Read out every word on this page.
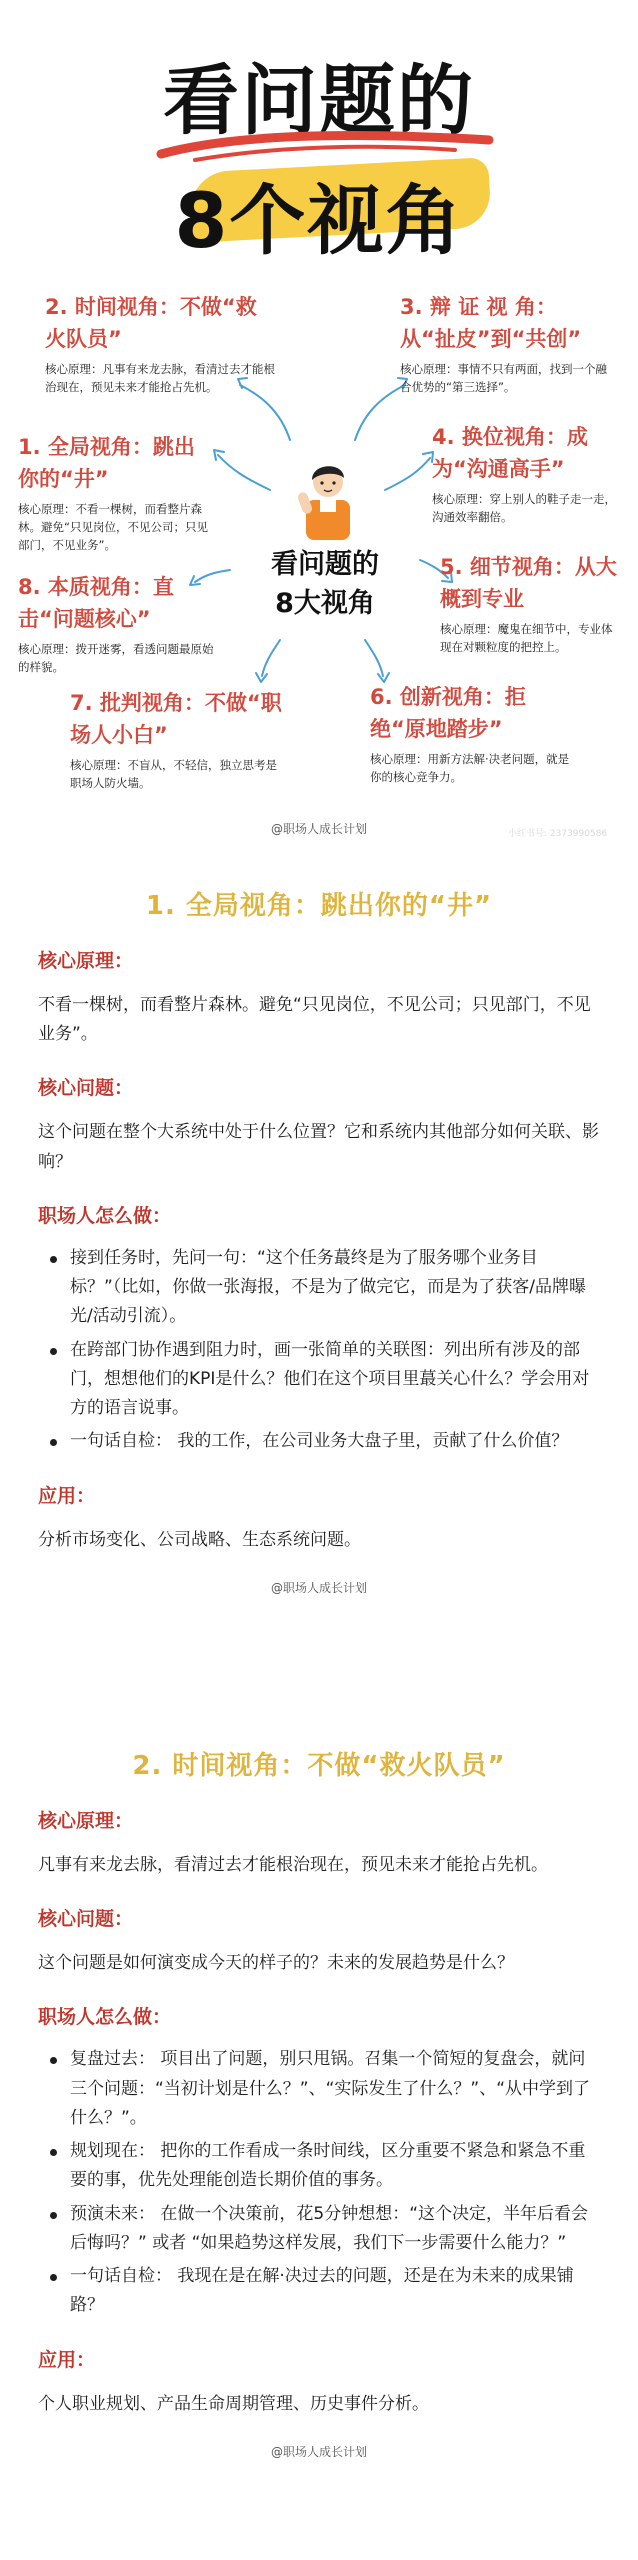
看问题的
8个视角
看问题的
8大视角
2. 时间视角：不做“救火队员”
核心原理：凡事有来龙去脉，看清过去才能根治现在，预见未来才能抢占先机。
3. 辩 证 视 角： 从“扯皮”到“共创”
核心原理：事情不只有两面，找到一个融合优势的“第三选择”。
1. 全局视角：跳出你的“井”
核心原理：不看一棵树，而看整片森林。避免“只见岗位，不见公司；只见部门，不见业务”。
4. 换位视角：成为“沟通高手”
核心原理：穿上别人的鞋子走一走，沟通效率翻倍。
8. 本质视角：直击“问题核心”
核心原理：拨开迷雾，看透问题最原始的样貌。
5. 细节视角：从大概到专业
核心原理：魔鬼在细节中，专业体现在对颗粒度的把控上。
7. 批判视角：不做“职场人小白”
核心原理：不盲从，不轻信，独立思考是职场人防火墙。
6. 创新视角：拒绝“原地踏步”
核心原理：用新方法解·决老问题，就是你的核心竞争力。
@职场人成长计划	小红书号: 2373990586
1. 全局视角：跳出你的“井”
核心原理：
不看一棵树，而看整片森林。避免“只见岗位，不见公司；只见部门，不见业务”。
核心问题：
这个问题在整个大系统中处于什么位置？它和系统内其他部分如何关联、影响？
职场人怎么做：
接到任务时，先问一句：“这个任务蕞终是为了服务哪个业务目标？”（比如，你做一张海报，不是为了做完它，而是为了获客/品牌曝光/活动引流）。
在跨部门协作遇到阻力时，画一张简单的关联图：列出所有涉及的部门，想想他们的KPI是什么？他们在这个项目里蕞关心什么？学会用对方的语言说事。
一句话自检： 我的工作，在公司业务大盘子里，贡献了什么价值？
应用：
分析市场变化、公司战略、生态系统问题。
@职场人成长计划
2. 时间视角：不做“救火队员”
核心原理：
凡事有来龙去脉，看清过去才能根治现在，预见未来才能抢占先机。
核心问题：
这个问题是如何演变成今天的样子的？未来的发展趋势是什么？
职场人怎么做：
复盘过去： 项目出了问题，别只甩锅。召集一个简短的复盘会，就问三个问题：“当初计划是什么？”、“实际发生了什么？”、“从中学到了什么？”。
规划现在： 把你的工作看成一条时间线，区分重要不紧急和紧急不重要的事，优先处理能创造长期价值的事务。
预演未来： 在做一个决策前，花5分钟想想：“这个决定，半年后看会后悔吗？” 或者 “如果趋势这样发展，我们下一步需要什么能力？”
一句话自检： 我现在是在解·决过去的问题，还是在为未来的成果铺路？
应用：
个人职业规划、产品生命周期管理、历史事件分析。
@职场人成长计划
